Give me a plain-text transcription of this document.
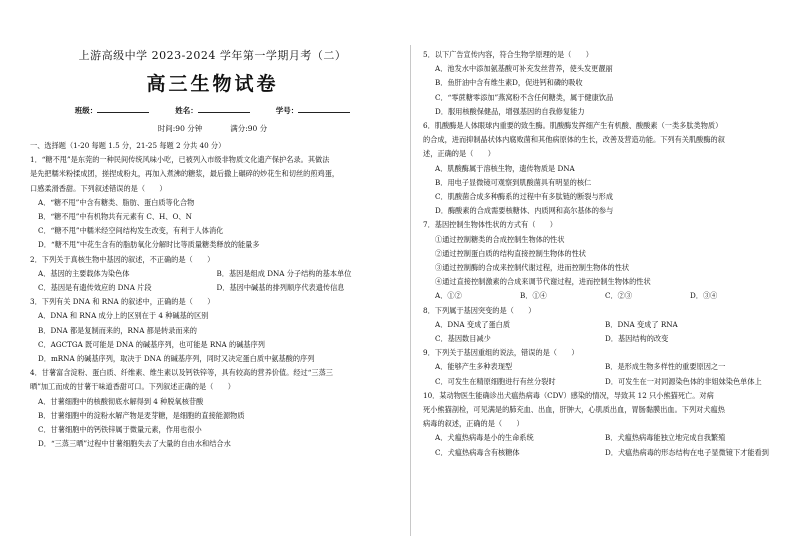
上游高级中学 2023-2024 学年第一学期月考（二）
高三生物试卷
班级：	姓名：	学号：
时间:90 分钟	满分:90 分
一、选择题（1-20 每题 1.5 分，21-25 每题 2 分共 40 分）
1．“糖不甩”是东莞的一种民间传统风味小吃，已被列入市级非物质文化遗产保护名录。其做法
是先把糯米粉揉成团，搓捏成粉丸，再加入煮沸的糖浆，最后撒上碾碎的炒花生和切丝的煎鸡蛋，
口感柔滑香甜。下列叙述错误的是（　　）
A．“糖不甩”中含有糖类、脂肪、蛋白质等化合物
B．“糖不甩”中有机物共有元素有 C、H、O、N
C．“糖不甩”中糯米经空间结构发生改变，有利于人体消化
D．“糖不甩”中花生含有的脂肪氧化分解时比等质量糖类释放的能量多
2．下列关于真核生物中基因的叙述，不正确的是（　　）
A．基因的主要载体为染色体	B．基因是组成 DNA 分子结构的基本单位
C．基因是有遗传效应的 DNA 片段	D．基因中碱基的排列顺序代表遗传信息
3．下列有关 DNA 和 RNA 的叙述中，正确的是（　　）
A．DNA 和 RNA 成分上的区别在于 4 种碱基的区别
B．DNA 都是复制而来的，RNA 都是转录而来的
C．AGCTGA 既可能是 DNA 的碱基序列，也可能是 RNA 的碱基序列
D．mRNA 的碱基序列，取决于 DNA 的碱基序列，同时又决定蛋白质中氨基酸的序列
4．甘薯富含淀粉、蛋白质、纤维素、维生素以及钙铁锌等，具有较高的营养价值。经过“三蒸三
晒”加工而成的甘薯干味道香甜可口。下列叙述正确的是（　　）
A．甘薯细胞中的核酸彻底水解得到 4 种脱氧核苷酸
B．甘薯细胞中的淀粉水解产物是麦芽糖，是细胞的直接能源物质
C．甘薯细胞中的钙铁锌属于微量元素，作用也很小
D．“三蒸三晒”过程中甘薯细胞失去了大量的自由水和结合水
5．以下广告宣传内容，符合生物学原理的是（　　）
A．池发水中添加氨基酸可补充发丝营养，使头发更靓丽
B．鱼肝油中含有维生素D，促进钙和磷的吸收
C．“零蔗糖零添加”燕窝粉不含任何糖类，属于健康饮品
D．服用核酸保健品，增强基因的自我修复能力
6．肌酸酶是人体眼球内重要的致生酶。肌酸酶发挥细产生有机酸、酸酸素（一类多肽类物质）
的合成，进而抑制晶状体内腐败菌和其他病原体的生长，改善及营造功能。下列有关肌酸酶的叙
述，正确的是（　　）
A．肌酸酶属于溶核生物，遗传物质是 DNA
B．用电子显微镜可观察到肌酸菌具有明显的核仁
C．肌酸菌合成多种酶系的过程中有多肽链的断裂与形成
D．酶酸素的合成需要核糖体、内质网和高尔基体的参与
7．基因控制生物体性状的方式有（　　）
①通过控制糖类的合成控制生物体的性状
②通过控制蛋白质的结构直接控制生物体的性状
③通过控制酶的合成来控制代谢过程，进而控制生物体的性状
④通过直接控制激素的合成来调节代谢过程，进而控制生物体的性状
A．①②	B．①④	C．②③	D．③④
8．下列属于基因突变的是（　　）
A．DNA 变成了蛋白质	B．DNA 变成了 RNA
C．基因数目减少	D．基因结构的改变
9．下列关于基因重组的说法，错误的是（　　）
A．能够产生多种表现型	B．是形成生物多样性的重要原因之一
C．可发生在精原细胞进行有丝分裂时	D．可发生在一对同源染色体的非姐妹染色单体上
10．某动物医生能确诊出犬瘟热病毒（CDV）感染的情况，导致其 12 只小熊猫死亡。对病
死小熊猫剖检，可见满是的肺充血、出血，肝肿大，心肌质出血，胃肠黏膜出血。下列对犬瘟热
病毒的叙述，正确的是（　　）
A．犬瘟热病毒是小的生命系统	B．犬瘟热病毒能独立地完成自我繁殖
C．犬瘟热病毒含有核糖体	D．犬瘟热病毒的形态结构在电子显微镜下才能看到
